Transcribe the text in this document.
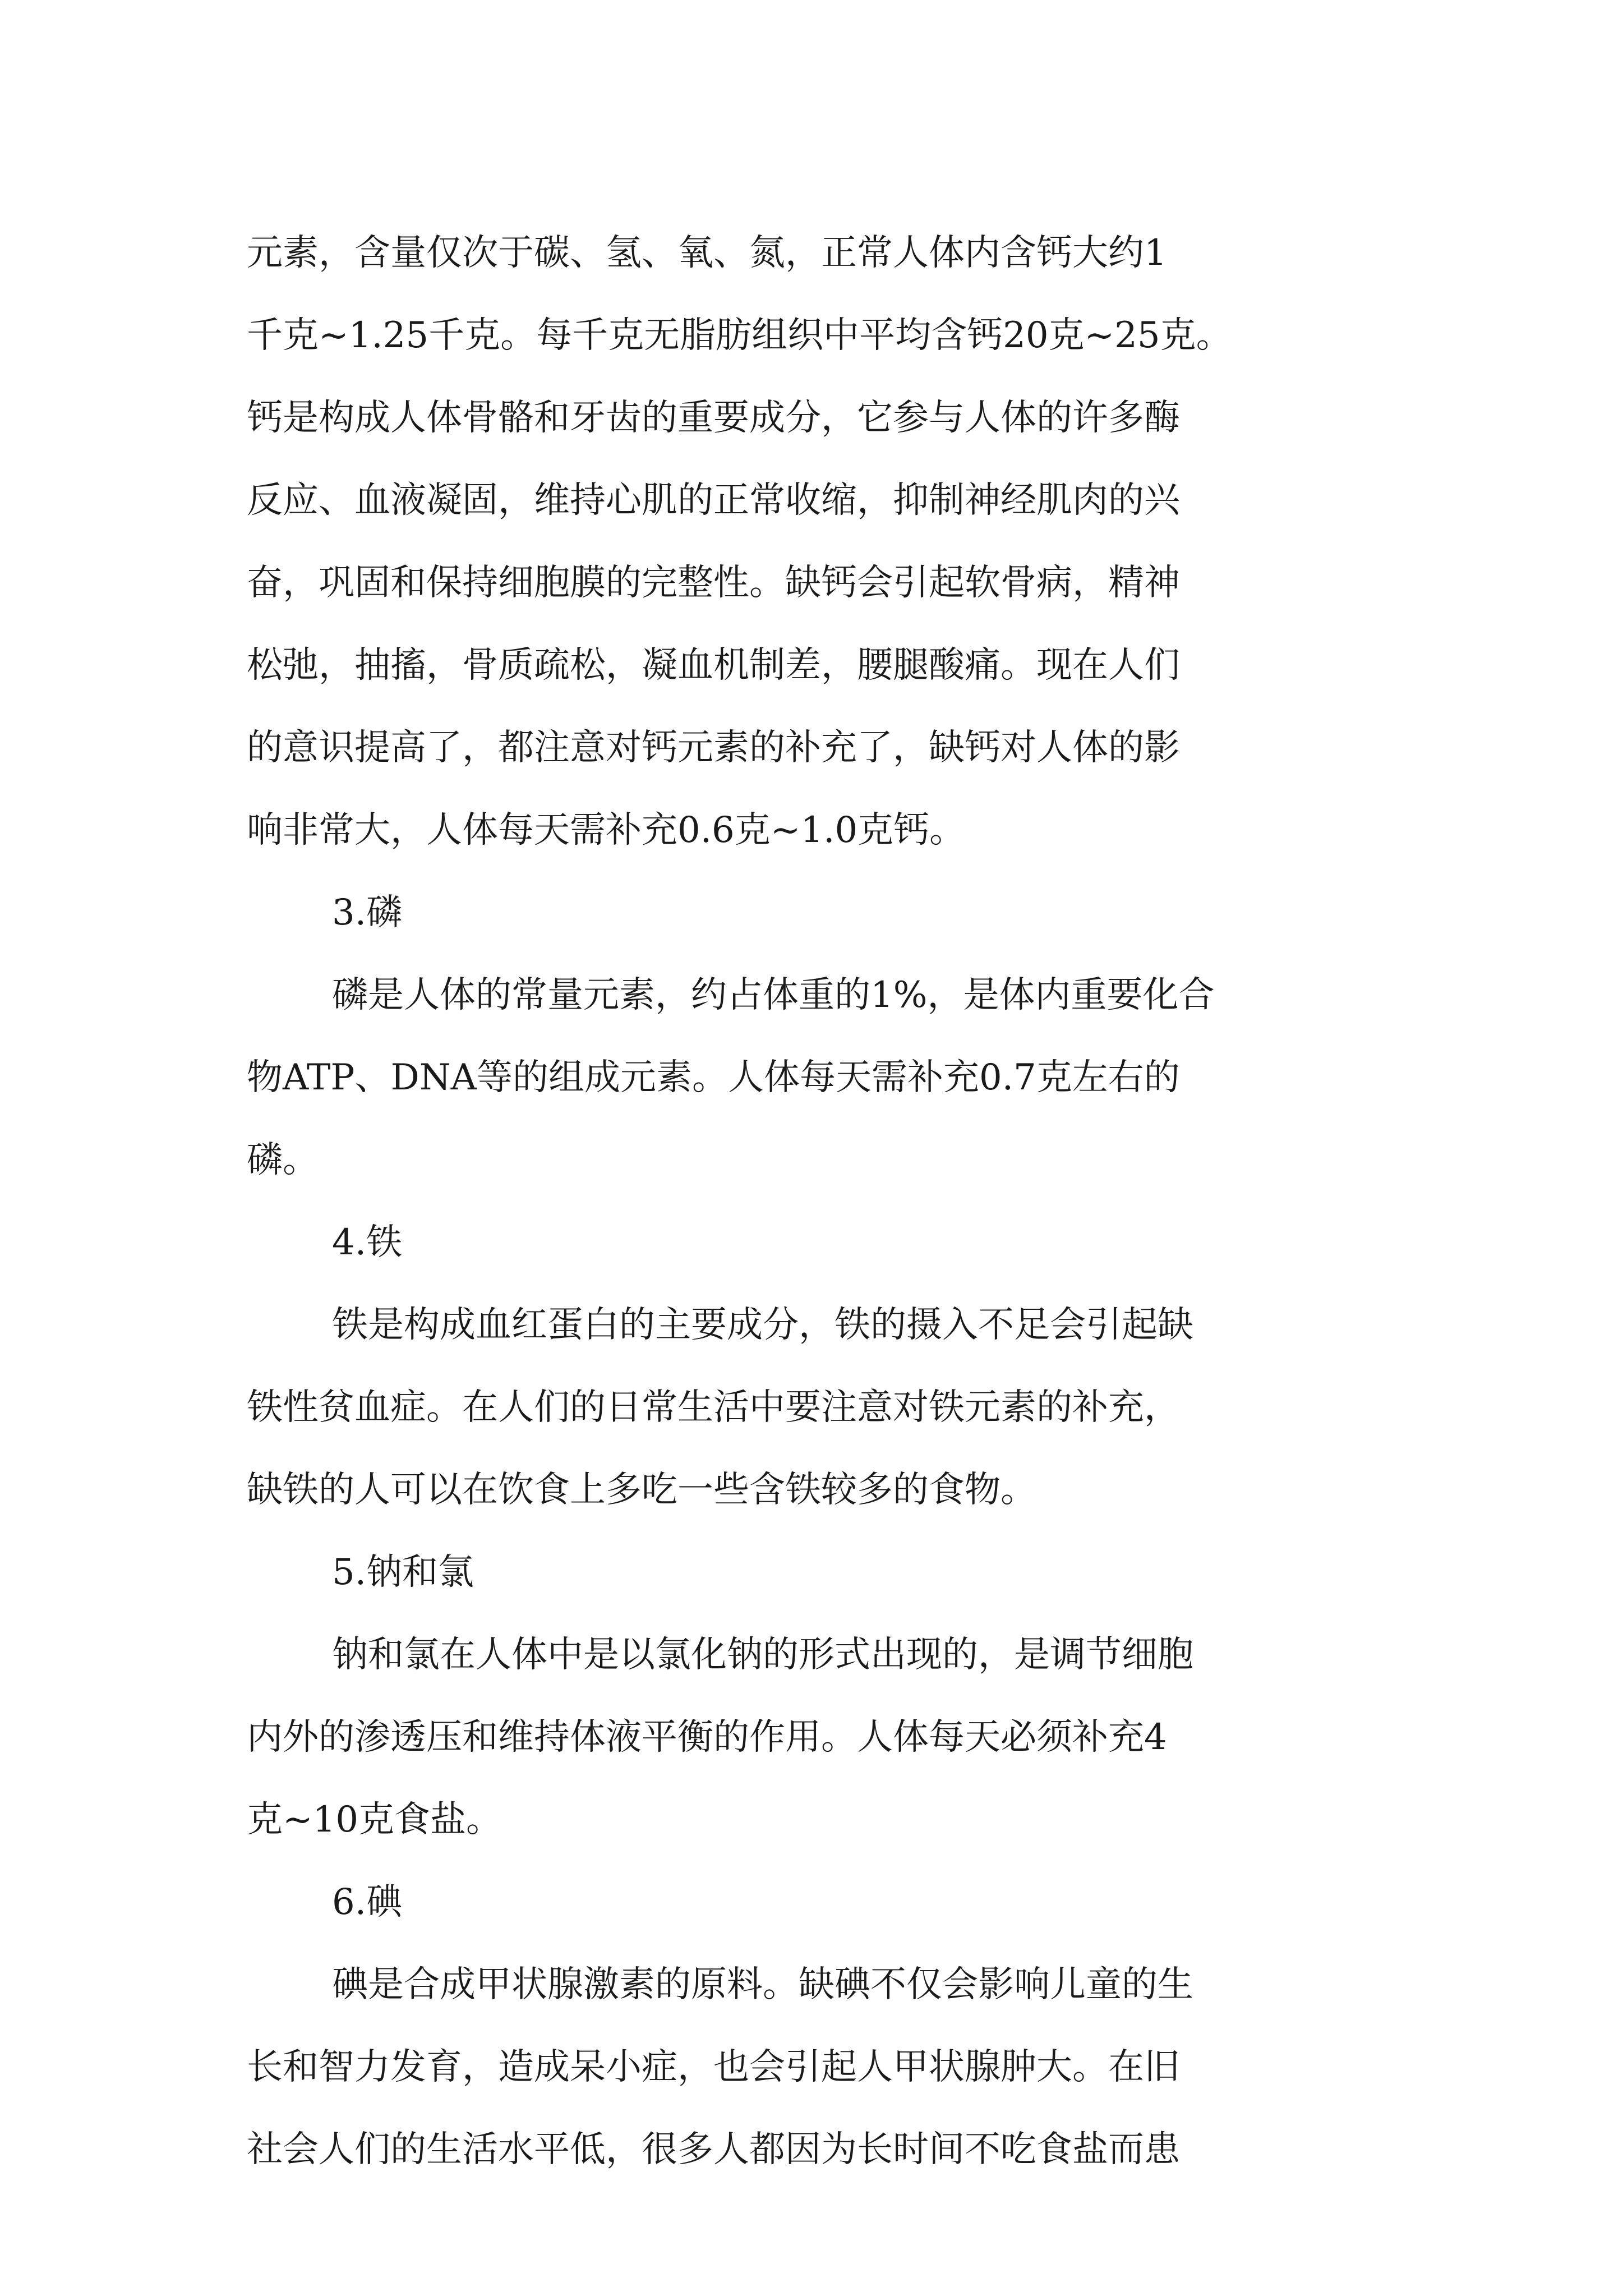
元素，含量仅次于碳、氢、氧、氮，正常人体内含钙大约1
千克~1.25千克。每千克无脂肪组织中平均含钙20克~25克。
钙是构成人体骨骼和牙齿的重要成分，它参与人体的许多酶
反应、血液凝固，维持心肌的正常收缩，抑制神经肌肉的兴
奋，巩固和保持细胞膜的完整性。缺钙会引起软骨病，精神
松弛，抽搐，骨质疏松，凝血机制差，腰腿酸痛。现在人们
的意识提高了，都注意对钙元素的补充了，缺钙对人体的影
响非常大，人体每天需补充0.6克~1.0克钙。
3.磷
磷是人体的常量元素，约占体重的1%，是体内重要化合
物ATP、DNA等的组成元素。人体每天需补充0.7克左右的
磷。
4.铁
铁是构成血红蛋白的主要成分，铁的摄入不足会引起缺
铁性贫血症。在人们的日常生活中要注意对铁元素的补充，
缺铁的人可以在饮食上多吃一些含铁较多的食物。
5.钠和氯
钠和氯在人体中是以氯化钠的形式出现的，是调节细胞
内外的渗透压和维持体液平衡的作用。人体每天必须补充4
克~10克食盐。
6.碘
碘是合成甲状腺激素的原料。缺碘不仅会影响儿童的生
长和智力发育，造成呆小症，也会引起人甲状腺肿大。在旧
社会人们的生活水平低，很多人都因为长时间不吃食盐而患
